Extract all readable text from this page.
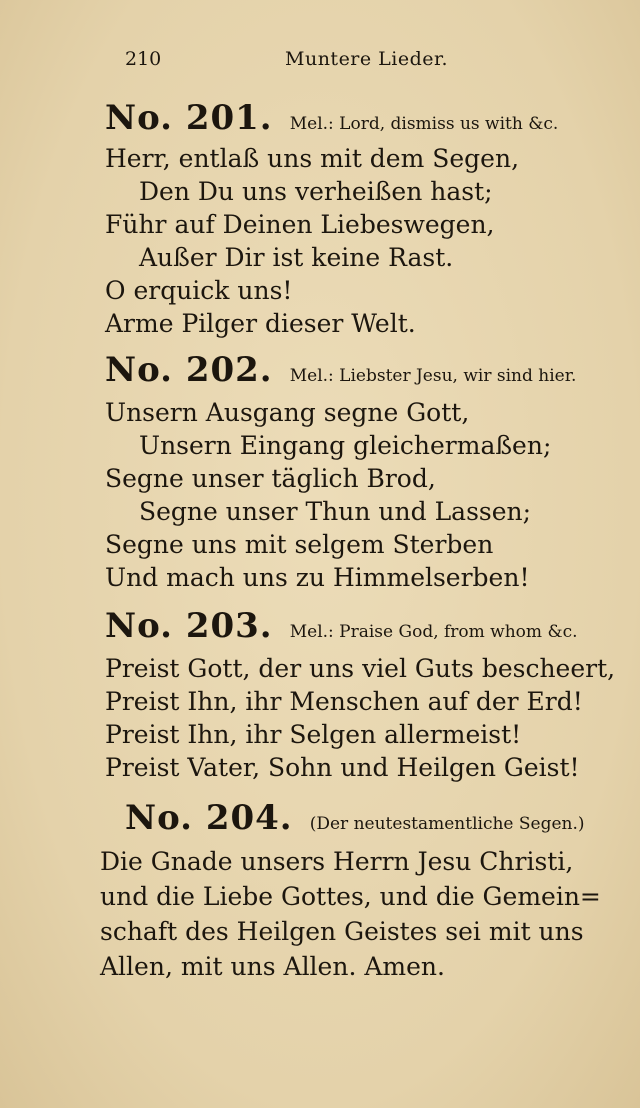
210	Muntere Lieder.
No. 201. Mel.: Lord, dismiss us with &c.
Herr, entlaß uns mit dem Segen,
Den Du uns verheißen hast;
Führ auf Deinen Liebeswegen,
Außer Dir ist keine Rast.
O erquick uns!
Arme Pilger dieser Welt.
No. 202. Mel.: Liebster Jesu, wir sind hier.
Unsern Ausgang segne Gott,
Unsern Eingang gleichermaßen;
Segne unser täglich Brod,
Segne unser Thun und Lassen;
Segne uns mit selgem Sterben
Und mach uns zu Himmelserben!
No. 203. Mel.: Praise God, from whom &c.
Preist Gott, der uns viel Guts bescheert,
Preist Ihn, ihr Menschen auf der Erd!
Preist Ihn, ihr Selgen allermeist!
Preist Vater, Sohn und Heilgen Geist!
No. 204. (Der neutestamentliche Segen.)
Die Gnade unsers Herrn Jesu Christi,
und die Liebe Gottes, und die Gemein=
schaft des Heilgen Geistes sei mit uns
Allen, mit uns Allen. Amen.
